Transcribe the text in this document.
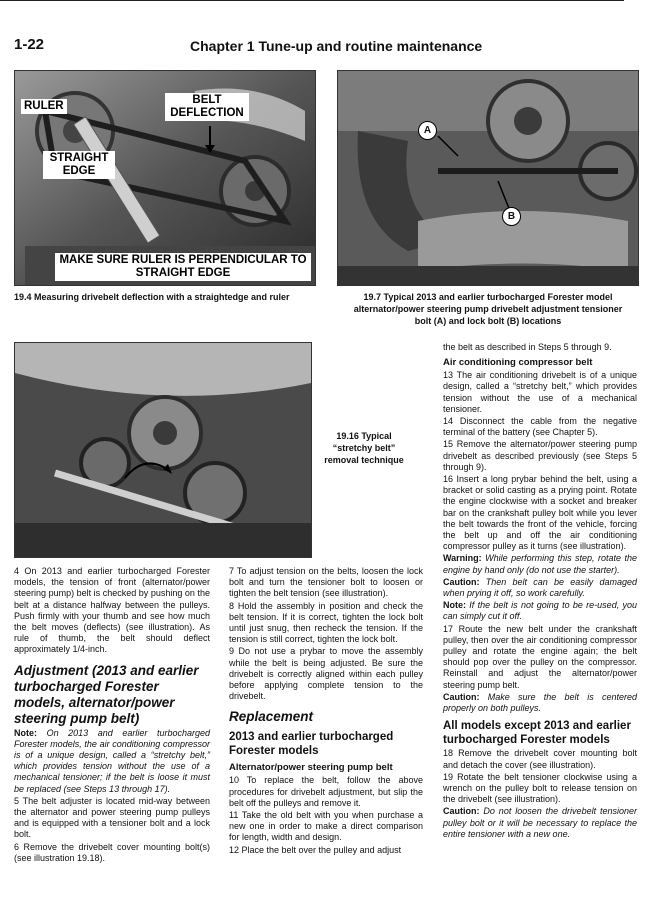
1-22	Chapter 1 Tune-up and routine maintenance
RULER	BELT DEFLECTION
STRAIGHT EDGE
MAKE SURE RULER IS PERPENDICULAR TO STRAIGHT EDGE
19.4 Measuring drivebelt deflection with a straightedge and ruler
A
B
19.7 Typical 2013 and earlier turbocharged Forester model alternator/power steering pump drivebelt adjustment tensioner bolt (A) and lock bolt (B) locations
19.16 Typical “stretchy belt” removal technique

4 On 2013 and earlier turbocharged Forester models, the tension of front (alternator/power steering pump) belt is checked by pushing on the belt at a distance halfway between the pulleys. Push firmly with your thumb and see how much the belt moves (deflects) (see illustration). As rule of thumb, the belt should deflect approximately 1/4-inch.

Adjustment (2013 and earlier turbocharged Forester models, alternator/power steering pump belt)

Note: On 2013 and earlier turbocharged Forester models, the air conditioning compressor is of a unique design, called a “stretchy belt,” which provides tension without the use of a mechanical tensioner; if the belt is loose it must be replaced (see Steps 13 through 17).

5 The belt adjuster is located mid-way between the alternator and power steering pump pulleys and is equipped with a tensioner bolt and a lock bolt.

6 Remove the drivebelt cover mounting bolt(s) (see illustration 19.18).

7 To adjust tension on the belts, loosen the lock bolt and turn the tensioner bolt to loosen or tighten the belt tension (see illustration).

8 Hold the assembly in position and check the belt tension. If it is correct, tighten the lock bolt until just snug, then recheck the tension. If the tension is still correct, tighten the lock bolt.

9 Do not use a prybar to move the assembly while the belt is being adjusted. Be sure the drivebelt is correctly aligned within each pulley before applying complete tension to the drivebelt.

Replacement
2013 and earlier turbocharged Forester models
Alternator/power steering pump belt

10 To replace the belt, follow the above procedures for drivebelt adjustment, but slip the belt off the pulleys and remove it.

11 Take the old belt with you when purchase a new one in order to make a direct comparison for length, width and design.

12 Place the belt over the pulley and adjust

the belt as described in Steps 5 through 9.

Air conditioning compressor belt

13 The air conditioning drivebelt is of a unique design, called a “stretchy belt,” which provides tension without the use of a mechanical tensioner.

14 Disconnect the cable from the negative terminal of the battery (see Chapter 5).

15 Remove the alternator/power steering pump drivebelt as described previously (see Steps 5 through 9).

16 Insert a long prybar behind the belt, using a bracket or solid casting as a prying point. Rotate the engine clockwise with a socket and breaker bar on the crankshaft pulley bolt while you lever the belt towards the front of the vehicle, forcing the belt up and off the air conditioning compressor pulley as it turns (see illustration).

Warning: While performing this step, rotate the engine by hand only (do not use the starter).

Caution: Then belt can be easily damaged when prying it off, so work carefully.

Note: If the belt is not going to be re-used, you can simply cut it off.

17 Route the new belt under the crankshaft pulley, then over the air conditioning compressor pulley and rotate the engine again; the belt should pop over the pulley on the compressor. Reinstall and adjust the alternator/power steering pump belt.

Caution: Make sure the belt is centered properly on both pulleys.

All models except 2013 and earlier turbocharged Forester models

18 Remove the drivebelt cover mounting bolt and detach the cover (see illustration).

19 Rotate the belt tensioner clockwise using a wrench on the pulley bolt to release tension on the drivebelt (see illustration).

Caution: Do not loosen the drivebelt tensioner pulley bolt or it will be necessary to replace the entire tensioner with a new one.
